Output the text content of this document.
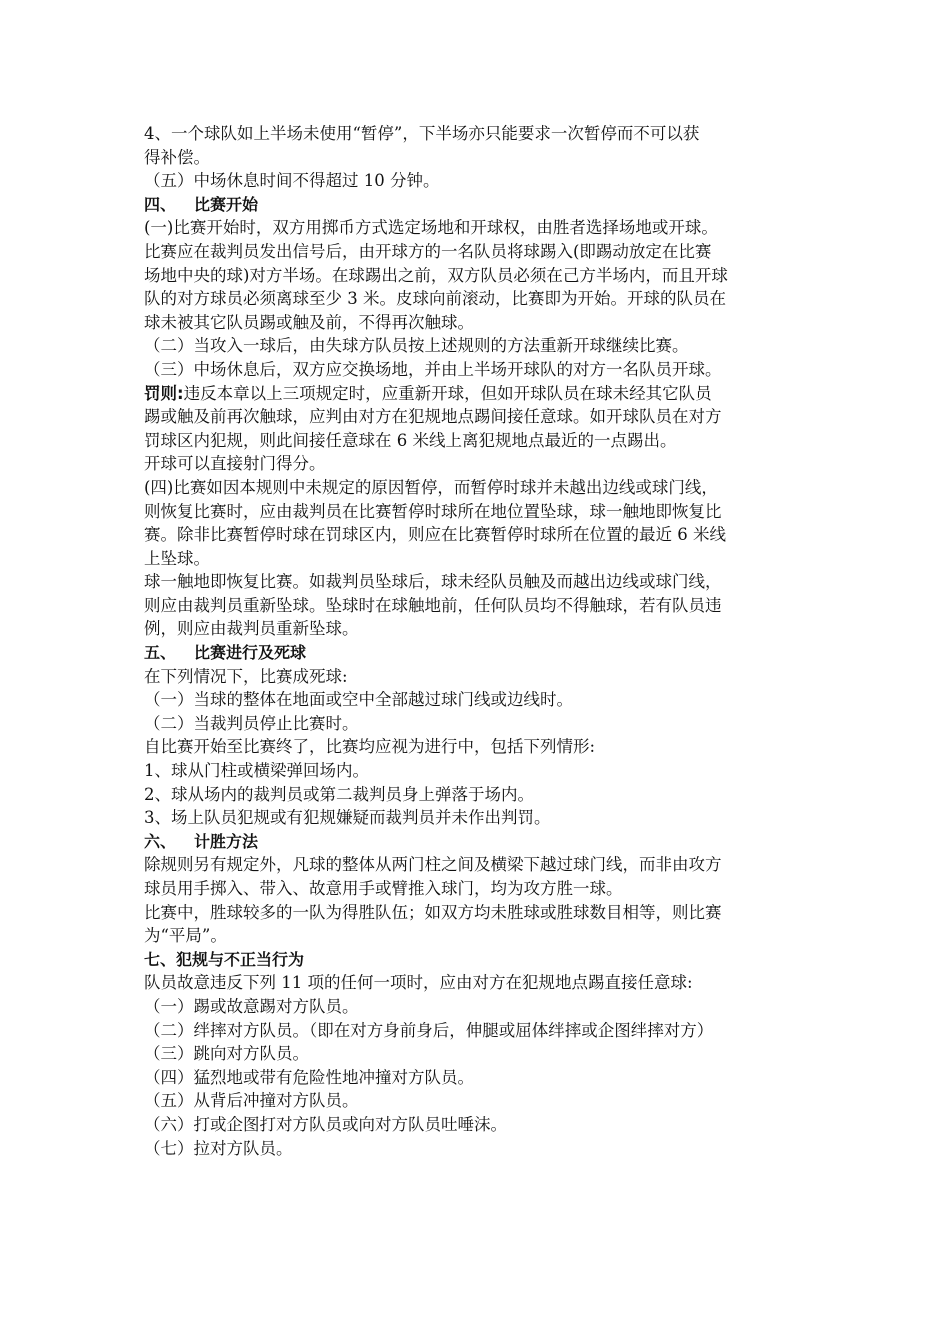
4、一个球队如上半场未使用“暂停”，下半场亦只能要求一次暂停而不可以获
得补偿。
（五）中场休息时间不得超过 10 分钟。
四、 比赛开始
(一)比赛开始时，双方用掷币方式选定场地和开球权，由胜者选择场地或开球。
比赛应在裁判员发出信号后，由开球方的一名队员将球踢入(即踢动放定在比赛
场地中央的球)对方半场。在球踢出之前，双方队员必须在己方半场内，而且开球
队的对方球员必须离球至少 3 米。皮球向前滚动，比赛即为开始。开球的队员在
球未被其它队员踢或触及前，不得再次触球。
（二）当攻入一球后，由失球方队员按上述规则的方法重新开球继续比赛。
（三）中场休息后，双方应交换场地，并由上半场开球队的对方一名队员开球。
罚则:违反本章以上三项规定时，应重新开球，但如开球队员在球未经其它队员
踢或触及前再次触球，应判由对方在犯规地点踢间接任意球。如开球队员在对方
罚球区内犯规，则此间接任意球在 6 米线上离犯规地点最近的一点踢出。
开球可以直接射门得分。
(四)比赛如因本规则中未规定的原因暂停，而暂停时球并未越出边线或球门线，
则恢复比赛时，应由裁判员在比赛暂停时球所在地位置坠球，球一触地即恢复比
赛。除非比赛暂停时球在罚球区内，则应在比赛暂停时球所在位置的最近 6 米线
上坠球。
球一触地即恢复比赛。如裁判员坠球后，球未经队员触及而越出边线或球门线，
则应由裁判员重新坠球。坠球时在球触地前，任何队员均不得触球，若有队员违
例，则应由裁判员重新坠球。
五、 比赛进行及死球
在下列情况下，比赛成死球:
（一）当球的整体在地面或空中全部越过球门线或边线时。
（二）当裁判员停止比赛时。
自比赛开始至比赛终了，比赛均应视为进行中，包括下列情形:
1、球从门柱或横梁弹回场内。
2、球从场内的裁判员或第二裁判员身上弹落于场内。
3、场上队员犯规或有犯规嫌疑而裁判员并未作出判罚。
六、 计胜方法
除规则另有规定外，凡球的整体从两门柱之间及横梁下越过球门线，而非由攻方
球员用手掷入、带入、故意用手或臂推入球门，均为攻方胜一球。
比赛中，胜球较多的一队为得胜队伍；如双方均未胜球或胜球数目相等，则比赛
为“平局”。
七、犯规与不正当行为
队员故意违反下列 11 项的任何一项时，应由对方在犯规地点踢直接任意球:
（一）踢或故意踢对方队员。
（二）绊摔对方队员。（即在对方身前身后，伸腿或屈体绊摔或企图绊摔对方）
（三）跳向对方队员。
（四）猛烈地或带有危险性地冲撞对方队员。
（五）从背后冲撞对方队员。
（六）打或企图打对方队员或向对方队员吐唾沫。
（七）拉对方队员。
